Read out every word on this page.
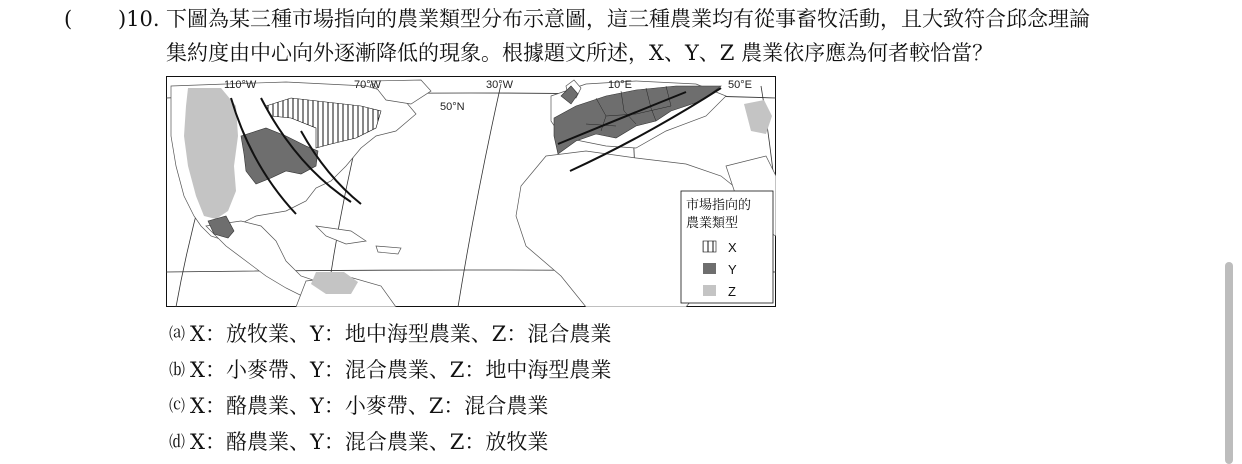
( )10. 下圖為某三種市場指向的農業類型分布示意圖，這三種農業均有從事畜牧活動，且大致符合邱念理論
集約度由中心向外逐漸降低的現象。根據題文所述，X、Y、Z 農業依序應為何者較恰當？
110°W	70°W	30°W	10°E	50°E
50°N
市場指向的
農業類型
X
Y
Z
⒜ X：放牧業、Y：地中海型農業、Z：混合農業
⒝ X：小麥帶、Y：混合農業、Z：地中海型農業
⒞ X：酪農業、Y：小麥帶、Z：混合農業
⒟ X：酪農業、Y：混合農業、Z：放牧業
